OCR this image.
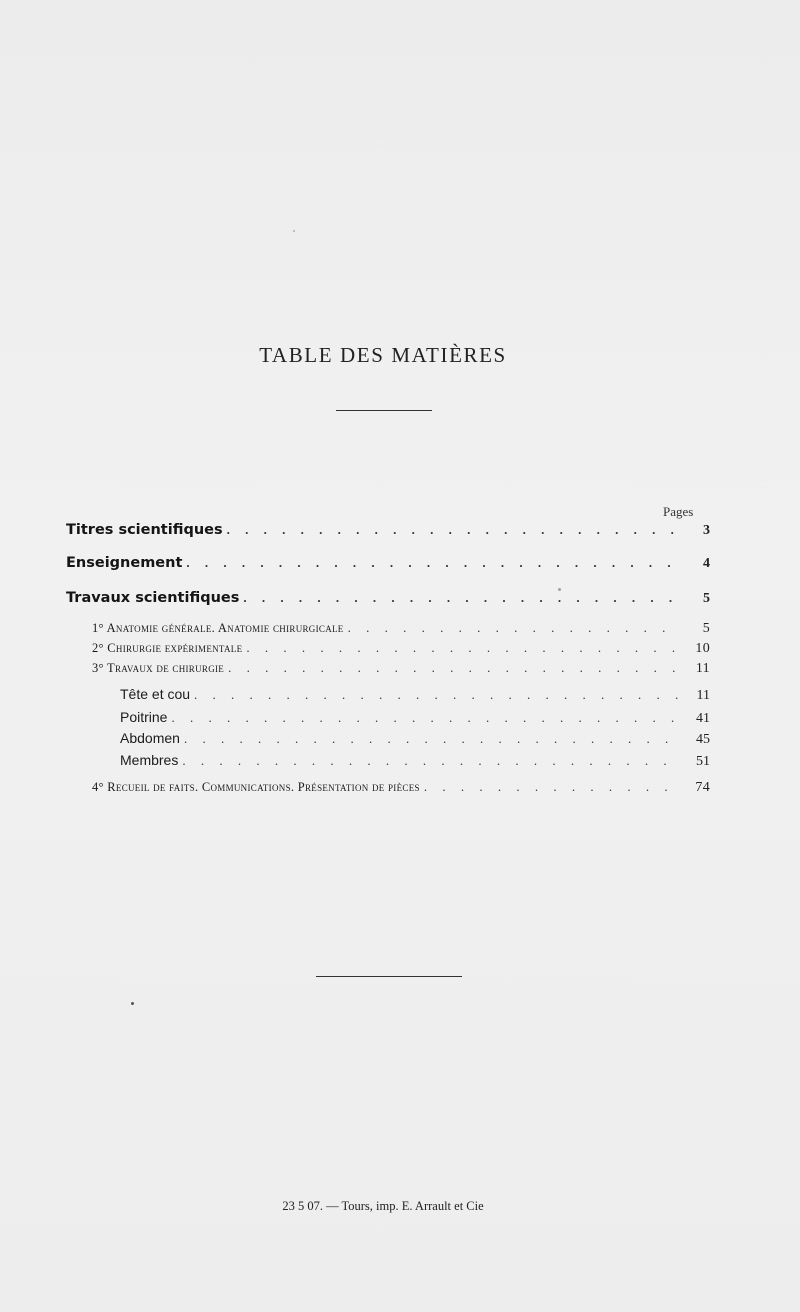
TABLE DES MATIÈRES
Pages
Titres scientifiques . . .	3
Enseignement . . .	4
Travaux scientifiques . . .	5
1° Anatomie générale. Anatomie chirurgicale . . .	5
2° Chirurgie expérimentale . . .	10
3° Travaux de chirurgie . . .	11
Tête et cou . . .	11
Poitrine . . .	41
Abdomen . . .	45
Membres . . .	51
4° Recueil de faits. Communications. Présentation de pièces . . .	74
23 5 07. — Tours, imp. E. Arrault et Cie
